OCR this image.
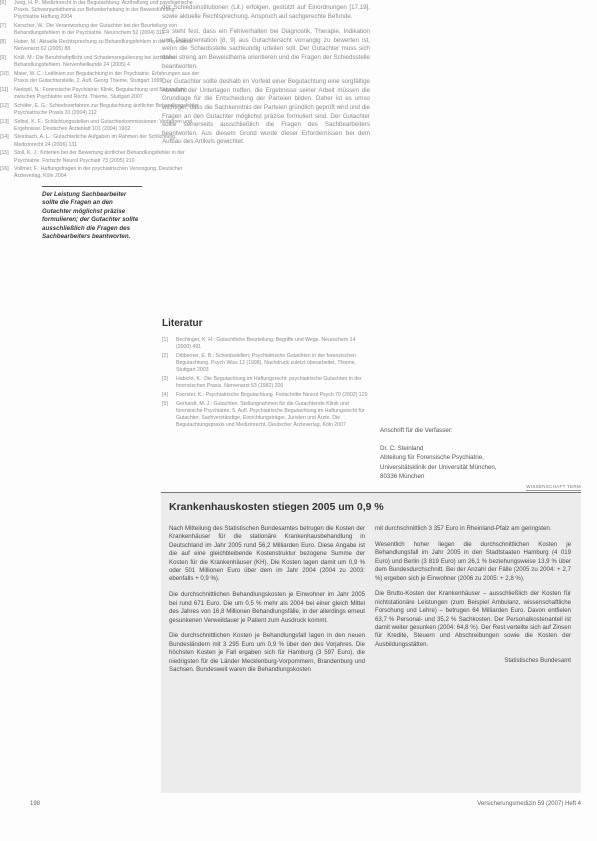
der Schiedsinstitutionen (Lit.) erfolgen, gestützt auf Einordnungen [17,19], sowie aktuelle Rechtsprechung. Anspruch auf sachgerechte Befunde.

Es steht fest, dass ein Fehlverhalten bei Diagnostik, Therapie, Indikation und Dokumentation [8, 9] aus Gutachtersicht vorrangig zu bewerten ist, wenn die Schiedsstelle sachkundig urteilen soll. Der Gutachter muss sich dabei streng am Beweisthema orientieren und die Fragen der Schiedsstelle beantworten.

Der Gutachter sollte deshalb im Vorfeld einer Begutachtung eine sorgfältige Auswahl der Unterlagen treffen, die Ergebnisse seiner Arbeit müssen die Grundlage für die Entscheidung der Parteien bilden. Daher ist es umso wichtiger, dass die Sachkenntnis der Parteien gründlich geprüft wird und die Fragen an den Gutachter möglichst präzise formuliert sind. Der Gutachter sollte seinerseits ausschließlich die Fragen des Sachbearbeiters beantworten. Aus diesem Grund wurde dieser Erfordernissen bei dem Aufbau des Artikels gewichtet.

Der Leistung Sachbearbeiter sollte die Fragen an den Gutachter möglichst präzise formulieren; der Gutachter sollte ausschließlich die Fragen des Sachbearbeiters beantworten.
Literatur
[1]	Bechinger, K. H.: Gutachtliche Beurteilung, Begriffe und Wege. Neurochem 14 (2000) 491
[2]	Dittberner, E. B.: Schiedsstellen: Psychiatrische Gutachten in der forensischen Begutachtung. Psych Wiss 12 (1998), Nachdruck zuletzt überarbeitet, Thieme, Stuttgart 2003
[3]	Habicht, K.: Die Begutachtung im Haftungsrecht: psychiatrische Gutachten in der forensischen Praxis. Nervenarzt 53 (1982) 200
[4]	Foerster, K.: Psychiatrische Begutachtung. Fortschritte Neurol Psych 70 (2002) 129
[5]	Gerhardt, M. J.: Gutachten. Stellungnahmen für die Gutachtende Klinik und forensische Psychiatrie, 5. Aufl. Psychiatrische Begutachtung im Haftungsrecht für Gutachter, Sachverständige, Einrichtungsträger, Juristen und Ärzte. Die Begutachtungspraxis und Medizinrecht. Deutscher Ärzteverlag, Köln 2007
[6]	Jung, H. P.: Medizinrecht in der Begutachtung: Arzthaftung und psychiatrische Praxis. Schwerpunktthema zur Befunderhebung in der Beweisführung. Psychiatrie Haftung 2004
[7]	Kerscher, W.: Die Verantwortung der Gutachter bei der Beurteilung von Behandlungsfehlern in der Psychiatrie. Neurochem 52 (2004) 311
[8]	Huber, M.: Aktuelle Rechtsprechung zu Behandlungsfehlern in der Psychiatrie. Nervenarzt 62 (2005) 88
[9]	Krüll, M.: Die Berufshaftpflicht und Schadensregulierung bei ärztlichen Behandlungsfehlern. Nervenheilkunde 24 (2005) 4
[10]	Maier, W. C.: Leitlinien zur Begutachtung in der Psychiatrie. Erfahrungen aus der Praxis der Gutachterstelle, 2. Aufl. Georg Thieme, Stuttgart 1999
[11]	Nedopil, N.: Forensische Psychiatrie: Klinik, Begutachtung und Behandlung zwischen Psychiatrie und Recht. Thieme, Stuttgart 2007
[12]	Schäfer, E. G.: Schiedsverfahren zur Begutachtung ärztlicher Behandlungsfehler. Psychiatrische Praxis 31 (2004) 112
[13]	Seibel, K. F.: Schlichtungsstellen und Gutachterkommissionen: Verfahren und Ergebnisse. Deutsches Ärzteblatt 101 (2004) 1902
[14]	Steinbach, A. L.: Gutachterliche Aufgaben im Rahmen der Schlichtung. Medizinrecht 24 (2006) 131
[15]	Stoll, K. J.: Kriterien bei der Bewertung ärztlicher Behandlungsfehler in der Psychiatrie. Fortschr Neurol Psychiatr 73 (2005) 210
[16]	Vollmer, F.: Haftungsfragen in der psychiatrischen Versorgung. Deutscher Ärzteverlag, Köln 2004
Anschrift für die Verfasser:
Dr. C. Steinland
Abteilung für Forensische Psychiatrie,
Universitätsklinik der Universität München,
80336 München
WISSENSCHAFT TERM
Krankenhauskosten stiegen 2005 um 0,9 %

Nach Mitteilung des Statistischen Bundesamtes betrugen die Kosten der Krankenhäuser für die stationäre Krankenhausbehandlung in Deutschland im Jahr 2005 rund 56,2 Milliarden Euro. Diese Angabe ist die auf eine gleichbleibende Kostenstruktur bezogene Summe der Kosten für die Krankenhäuser (KH). Die Kosten lagen damit um 0,9 % oder 501 Millionen Euro über dem im Jahr 2004 (2004 zu 2003: ebenfalls + 0,9 %).

Die durchschnittlichen Behandlungskosten je Einwohner im Jahr 2005 bei rund 671 Euro. Die um 0,5 % mehr als 2004 bei einer gleich Mittel des Jahres von 16,8 Millionen Behandlungsfälle, in der allerdings erneut gesunkenen Verweildauer je Patient zum Ausdruck kommt.

Die durchschnittlichen Kosten je Behandlungsfall lagen in den neuen Bundesländern mit 3 295 Euro um 0,9 % über den des Vorjahres. Die höchsten Kosten je Fall ergaben sich für Hamburg (3 597 Euro), die niedrigsten für die Länder Mecklenburg-Vorpommern, Brandenburg und Sachsen. Bundesweit waren die Behandlungskosten

mit durchschnittlich 3 357 Euro in Rheinland-Pfalz am geringsten.

Wesentlich hoher liegen die durchschnittlichen Kosten je Behandlungsfall im Jahr 2005 in den Stadtstaaten Hamburg (4 019 Euro) und Berlin (3 819 Euro) um 26,1 % beziehungsweise 13,9 % über dem Bundesdurchschnitt. Bei der Anzahl der Fälle (2005 zu 2004: + 2,7 %) ergeben sich je Einwohner (2006 zu 2005: + 2,8 %).

Die Brutto-Kosten der Krankenhäuser – ausschließlich der Kosten für nichtstationäre Leistungen (zum Beispiel Ambulanz, wissenschaftliche Forschung und Lehre) – betrugen 64 Milliarden Euro. Davon entfielen 63,7 % Personal- und 35,2 % Sachkosten. Der Personalkostenanteil ist damit weiter gesunken (2004: 64,8 %). Der Rest verteilte sich auf Zinsen für Kredite, Steuern und Abschreibungen sowie die Kosten der Ausbildungsstätten.

Statistisches Bundesamt

198	Versicherungsmedizin 59 (2007) Heft 4
